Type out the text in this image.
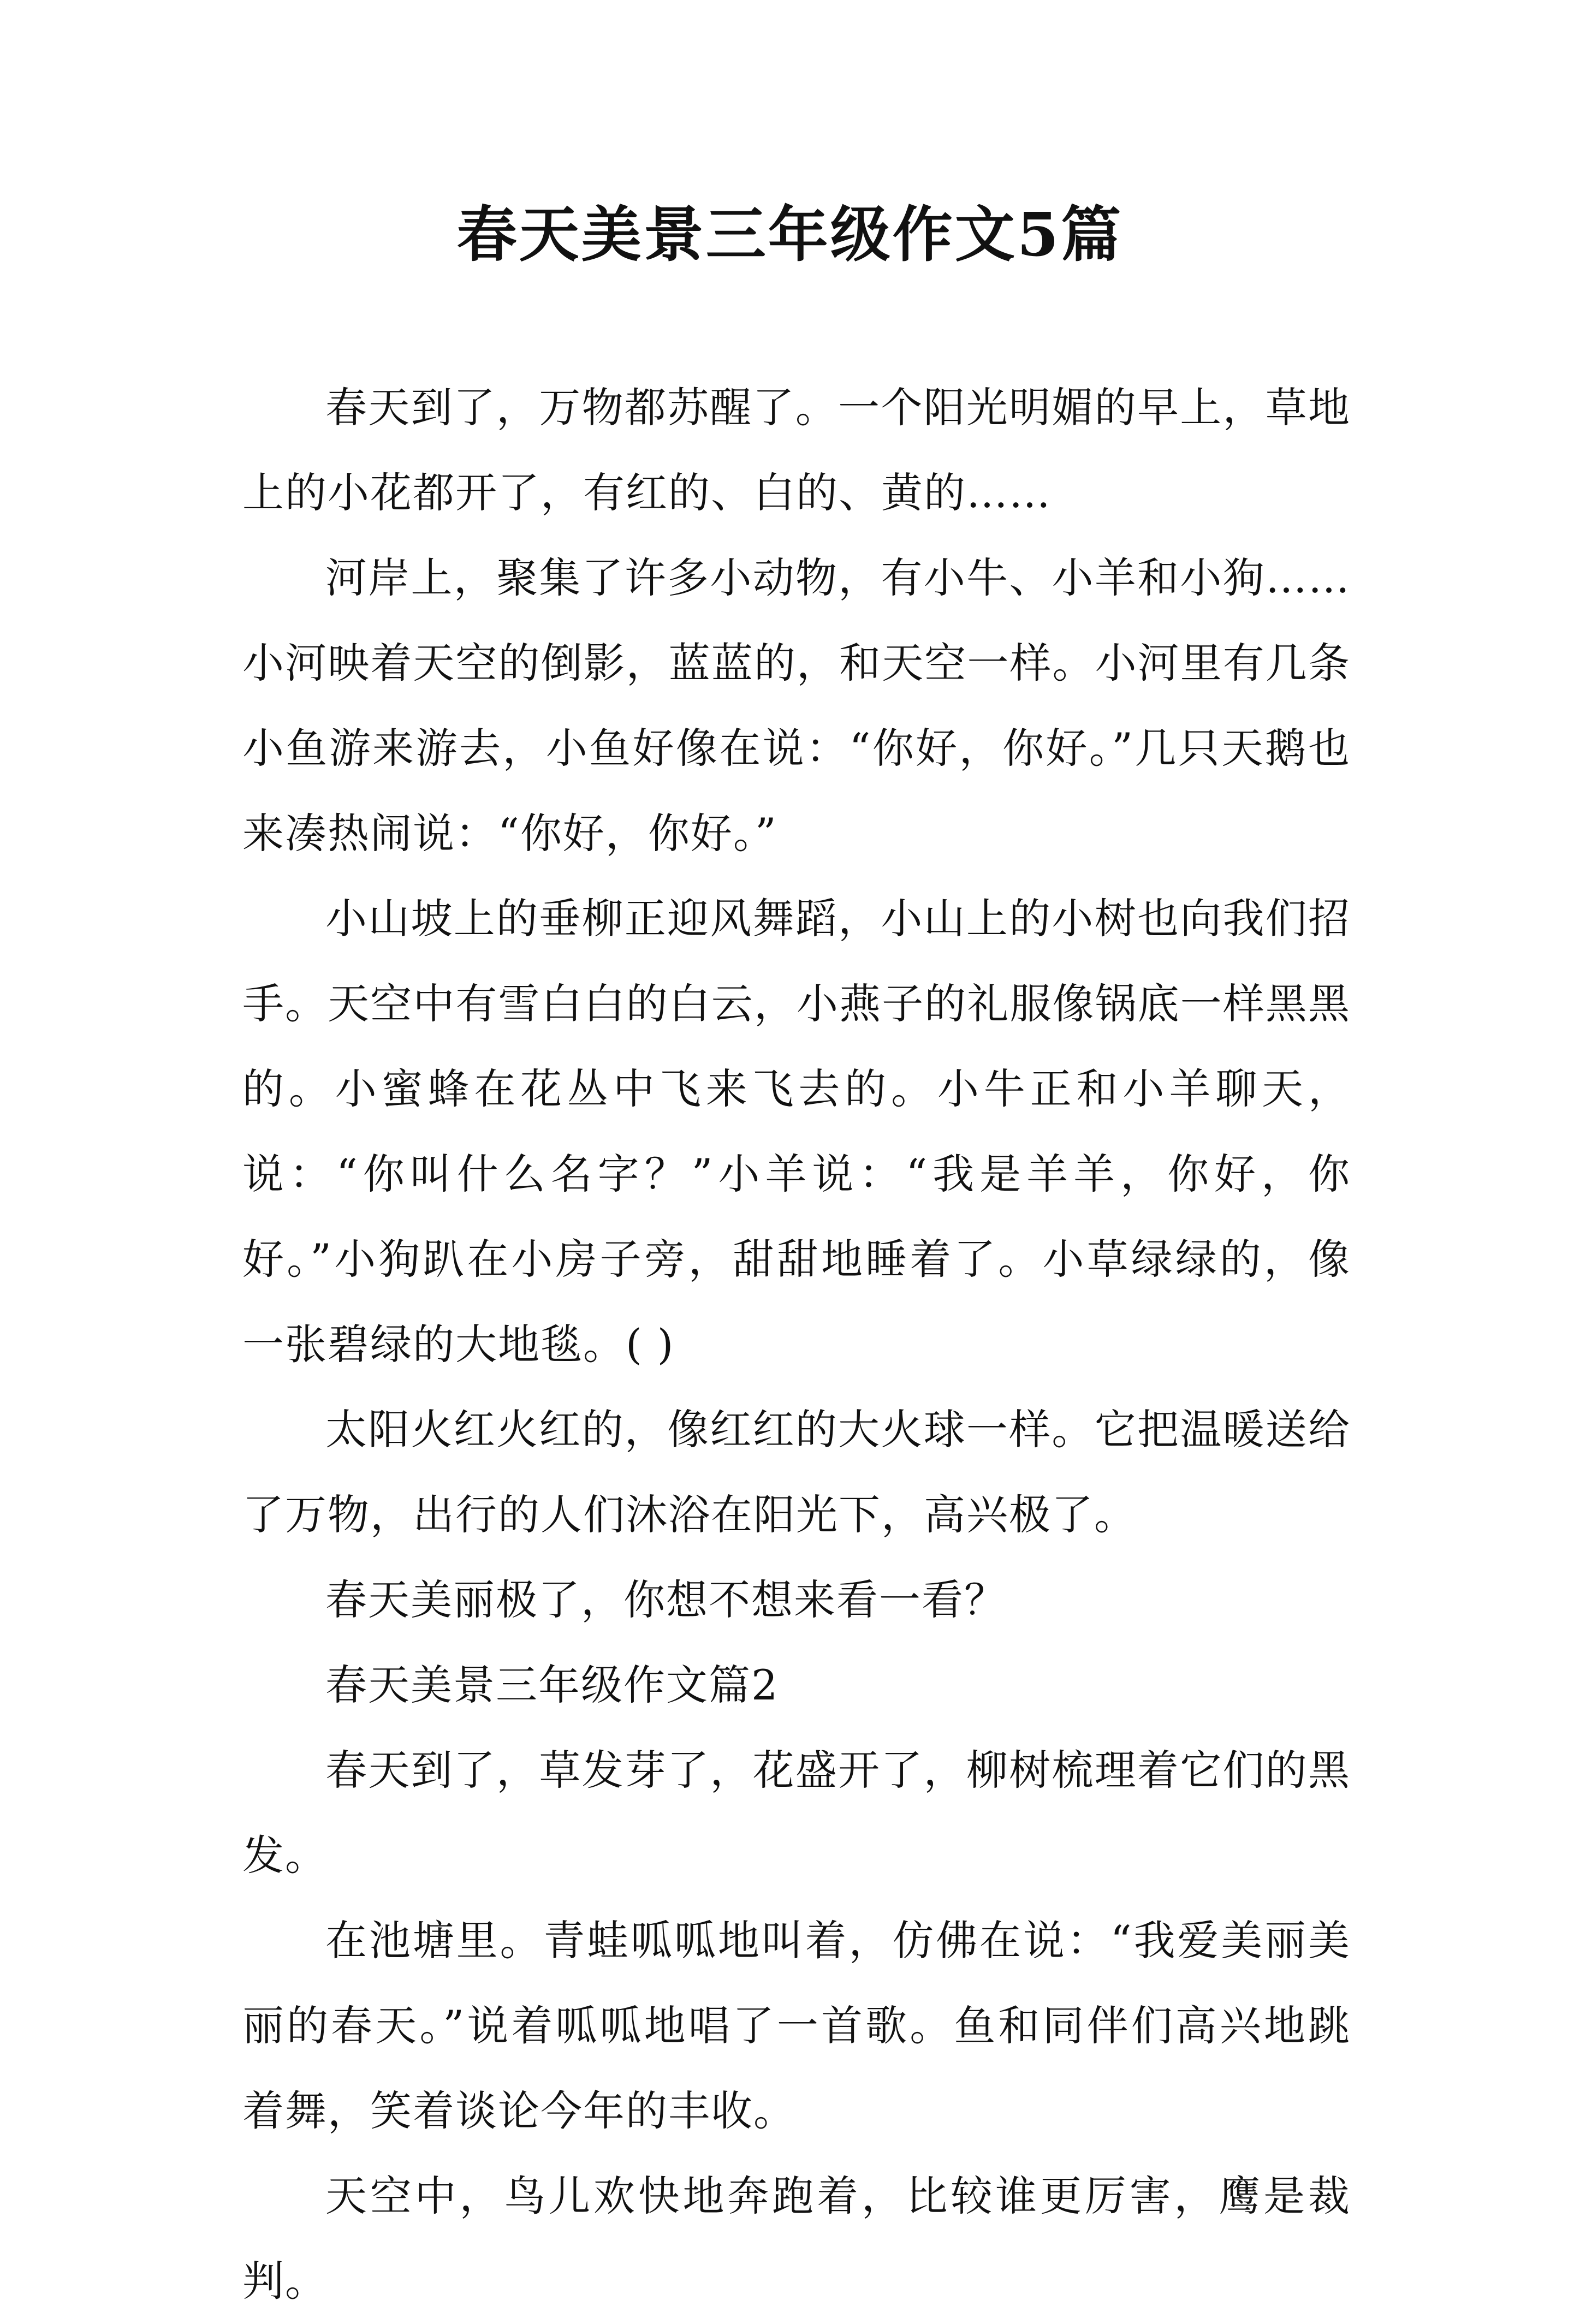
春天美景三年级作文5篇

春天到了，万物都苏醒了。一个阳光明媚的早上，草地上的小花都开了，有红的、白的、黄的……

河岸上，聚集了许多小动物，有小牛、小羊和小狗……小河映着天空的倒影，蓝蓝的，和天空一样。小河里有几条小鱼游来游去，小鱼好像在说：“你好，你好。”几只天鹅也来凑热闹说：“你好，你好。”

小山坡上的垂柳正迎风舞蹈，小山上的小树也向我们招手。天空中有雪白白的白云，小燕子的礼服像锅底一样黑黑的。小蜜蜂在花丛中飞来飞去的。小牛正和小羊聊天，说：“你叫什么名字？”小羊说：“我是羊羊，你好，你好。”小狗趴在小房子旁，甜甜地睡着了。小草绿绿的，像一张碧绿的大地毯。( )

太阳火红火红的，像红红的大火球一样。它把温暖送给了万物，出行的人们沐浴在阳光下，高兴极了。

春天美丽极了，你想不想来看一看？

春天美景三年级作文篇2

春天到了，草发芽了，花盛开了，柳树梳理着它们的黑发。

在池塘里。青蛙呱呱地叫着，仿佛在说：“我爱美丽美丽的春天。”说着呱呱地唱了一首歌。鱼和同伴们高兴地跳着舞，笑着谈论今年的丰收。

天空中，鸟儿欢快地奔跑着，比较谁更厉害，鹰是裁判。
